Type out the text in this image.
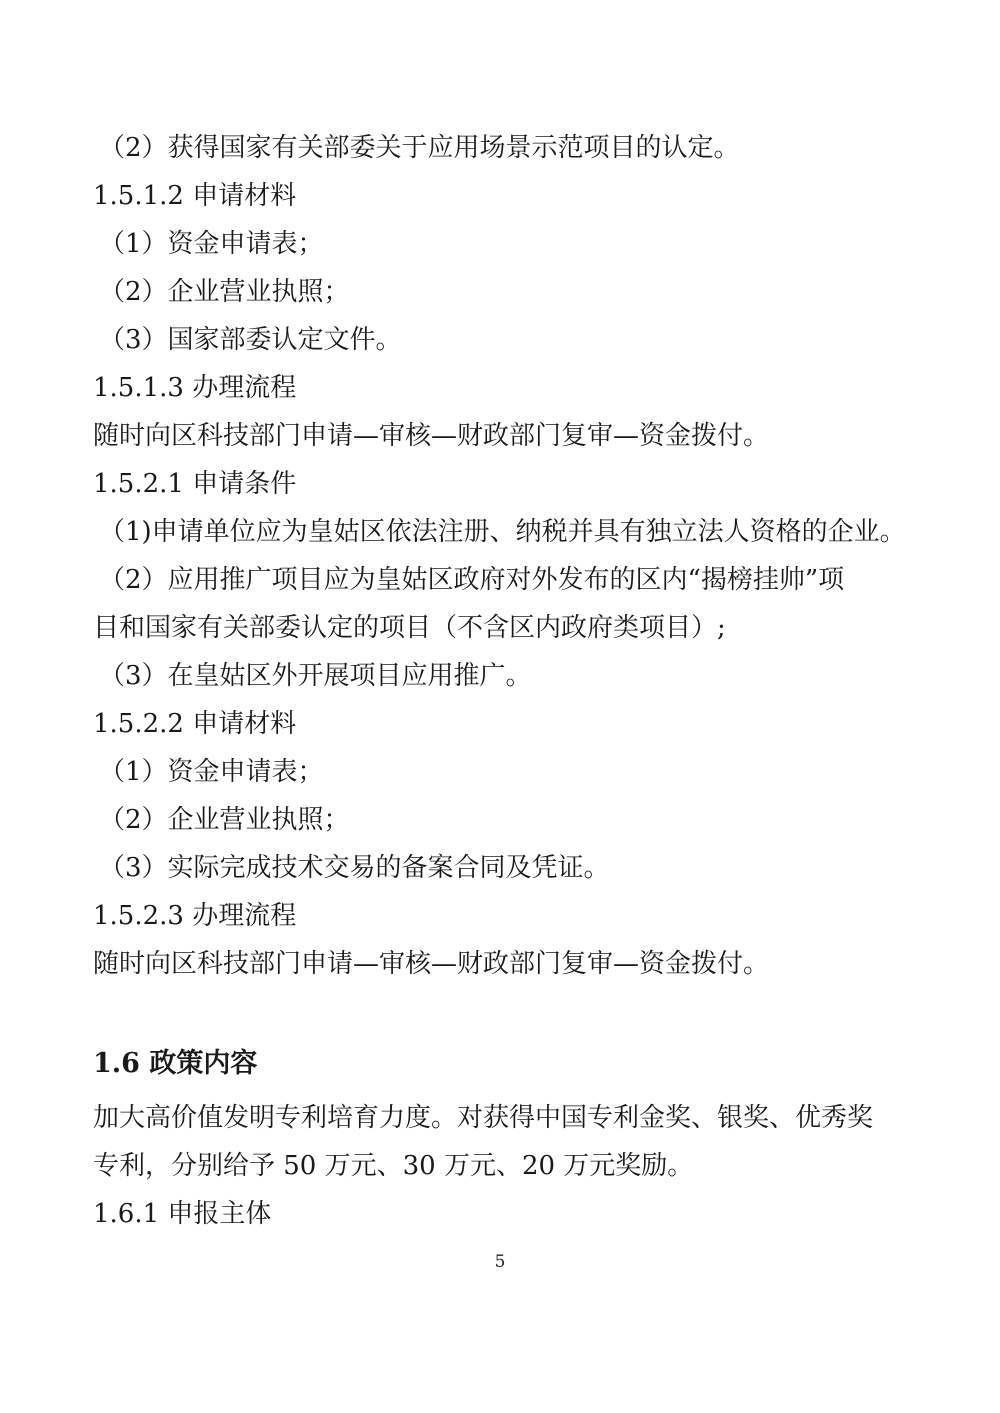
（2）获得国家有关部委关于应用场景示范项目的认定。
1.5.1.2 申请材料
（1）资金申请表；
（2）企业营业执照；
（3）国家部委认定文件。
1.5.1.3 办理流程
随时向区科技部门申请—审核—财政部门复审—资金拨付。
1.5.2.1 申请条件
（1)申请单位应为皇姑区依法注册、纳税并具有独立法人资格的企业。
（2）应用推广项目应为皇姑区政府对外发布的区内“揭榜挂帅”项
目和国家有关部委认定的项目（不含区内政府类项目）;
（3）在皇姑区外开展项目应用推广。
1.5.2.2 申请材料
（1）资金申请表；
（2）企业营业执照；
（3）实际完成技术交易的备案合同及凭证。
1.5.2.3 办理流程
随时向区科技部门申请—审核—财政部门复审—资金拨付。
1.6 政策内容
加大高价值发明专利培育力度。对获得中国专利金奖、银奖、优秀奖
专利，分别给予 50 万元、30 万元、20 万元奖励。
1.6.1 申报主体
5
